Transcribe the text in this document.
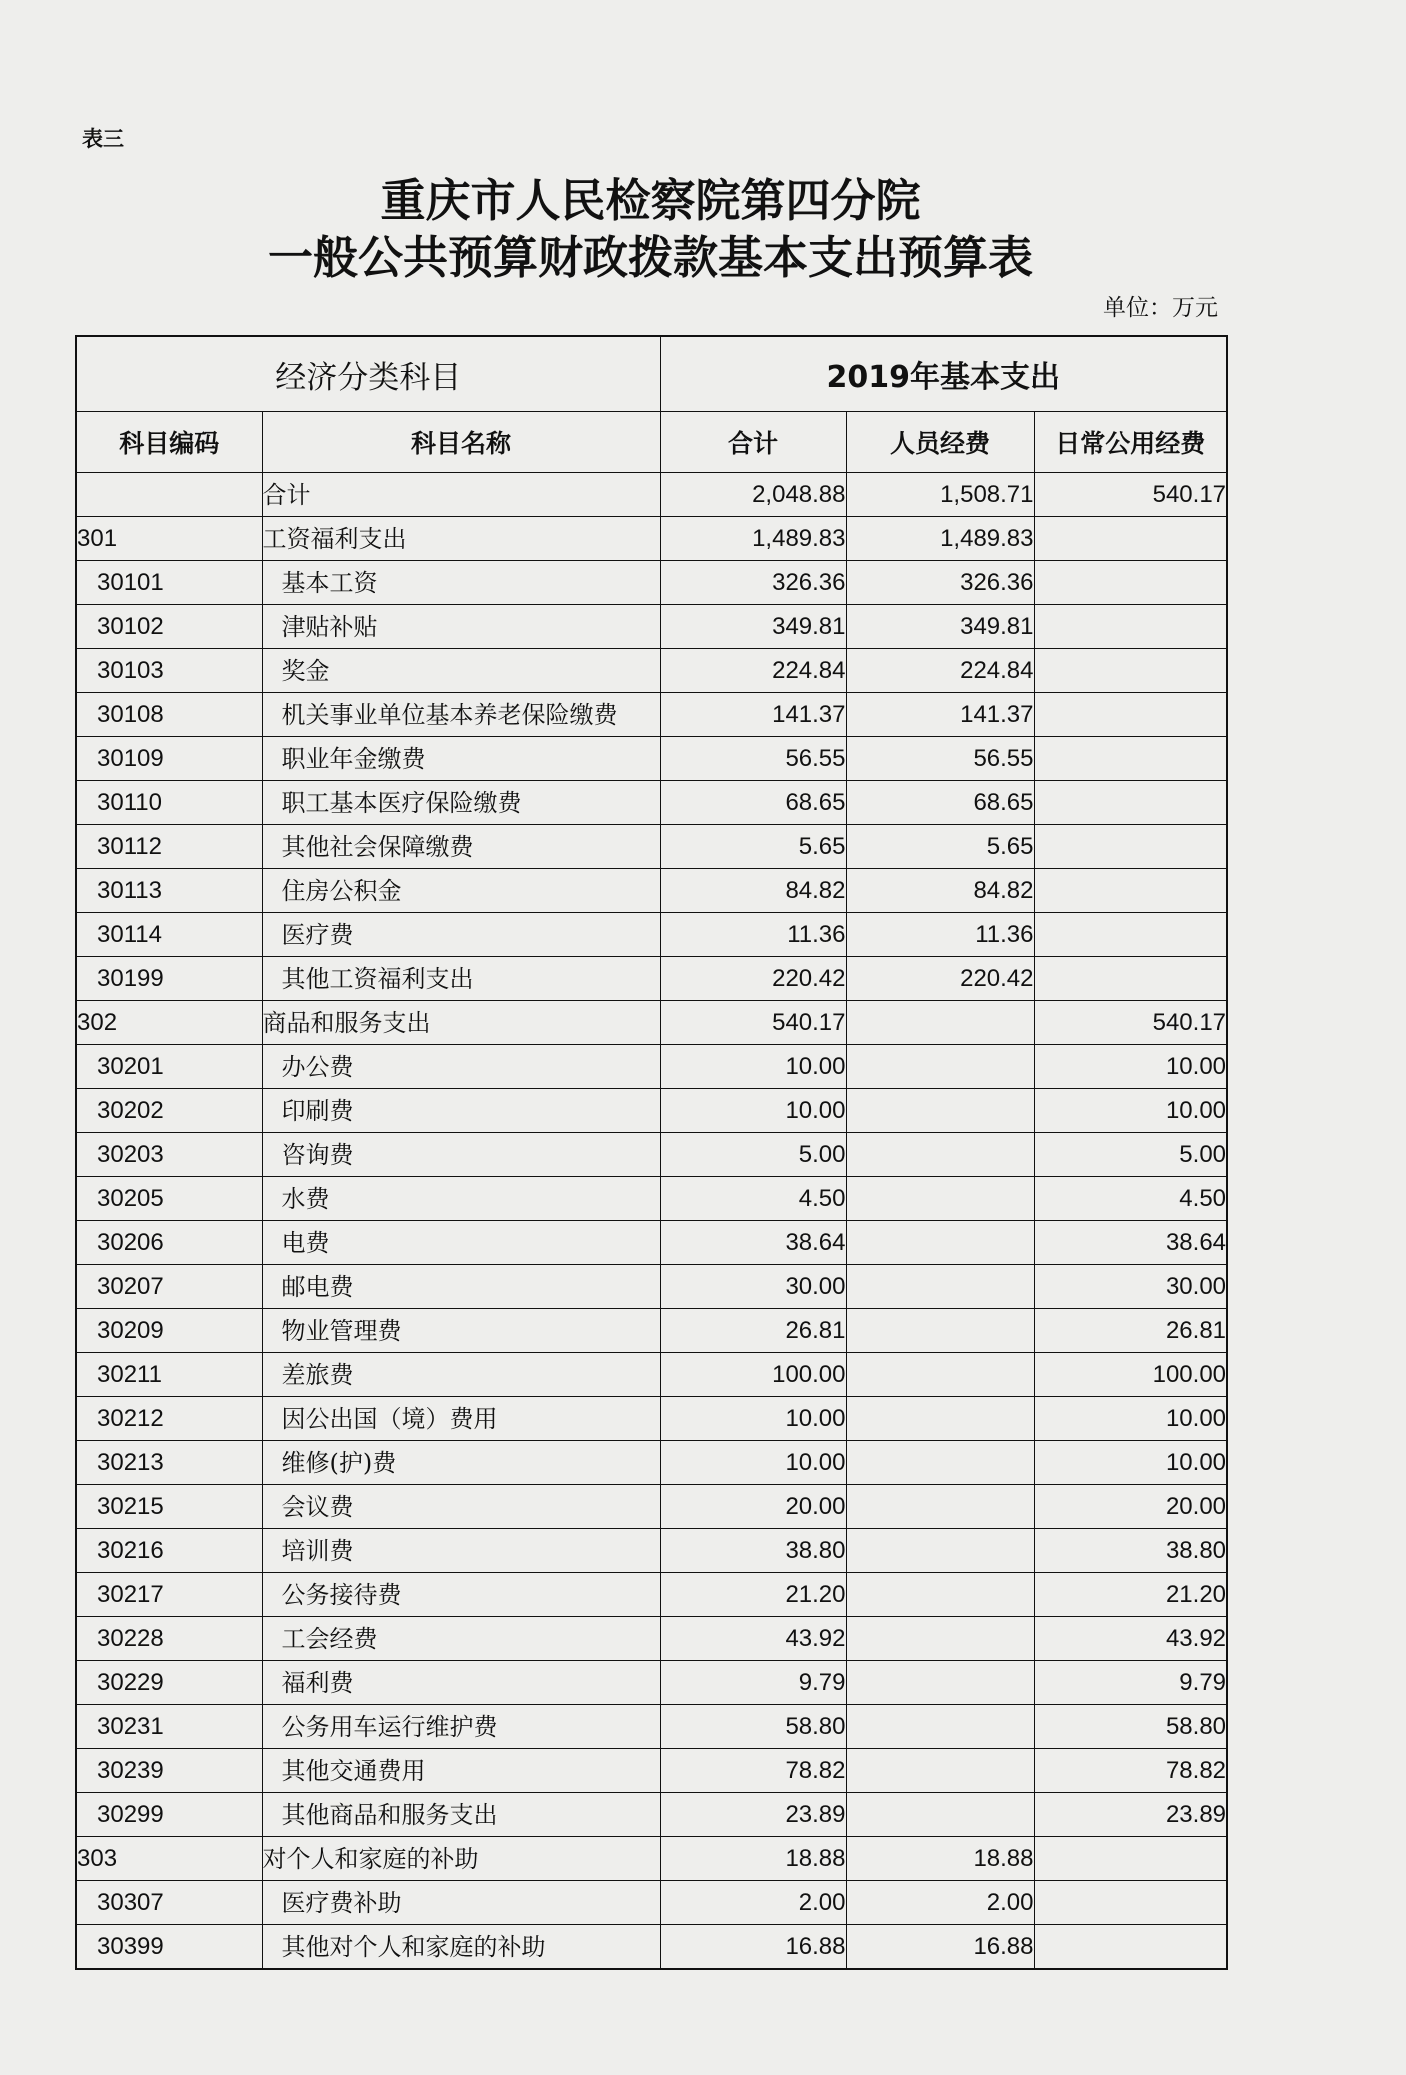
表三
重庆市人民检察院第四分院
一般公共预算财政拨款基本支出预算表
单位：万元
经济分类科目		2019年基本支出		
科目编码	科目名称	合计	人员经费	日常公用经费
	合计	2,048.88	1,508.71	540.17
301	工资福利支出	1,489.83	1,489.83	
30101	基本工资	326.36	326.36	
30102	津贴补贴	349.81	349.81	
30103	奖金	224.84	224.84	
30108	机关事业单位基本养老保险缴费	141.37	141.37	
30109	职业年金缴费	56.55	56.55	
30110	职工基本医疗保险缴费	68.65	68.65	
30112	其他社会保障缴费	5.65	5.65	
30113	住房公积金	84.82	84.82	
30114	医疗费	11.36	11.36	
30199	其他工资福利支出	220.42	220.42	
302	商品和服务支出	540.17		540.17
30201	办公费	10.00		10.00
30202	印刷费	10.00		10.00
30203	咨询费	5.00		5.00
30205	水费	4.50		4.50
30206	电费	38.64		38.64
30207	邮电费	30.00		30.00
30209	物业管理费	26.81		26.81
30211	差旅费	100.00		100.00
30212	因公出国（境）费用	10.00		10.00
30213	维修(护)费	10.00		10.00
30215	会议费	20.00		20.00
30216	培训费	38.80		38.80
30217	公务接待费	21.20		21.20
30228	工会经费	43.92		43.92
30229	福利费	9.79		9.79
30231	公务用车运行维护费	58.80		58.80
30239	其他交通费用	78.82		78.82
30299	其他商品和服务支出	23.89		23.89
303	对个人和家庭的补助	18.88	18.88	
30307	医疗费补助	2.00	2.00	
30399	其他对个人和家庭的补助	16.88	16.88	
